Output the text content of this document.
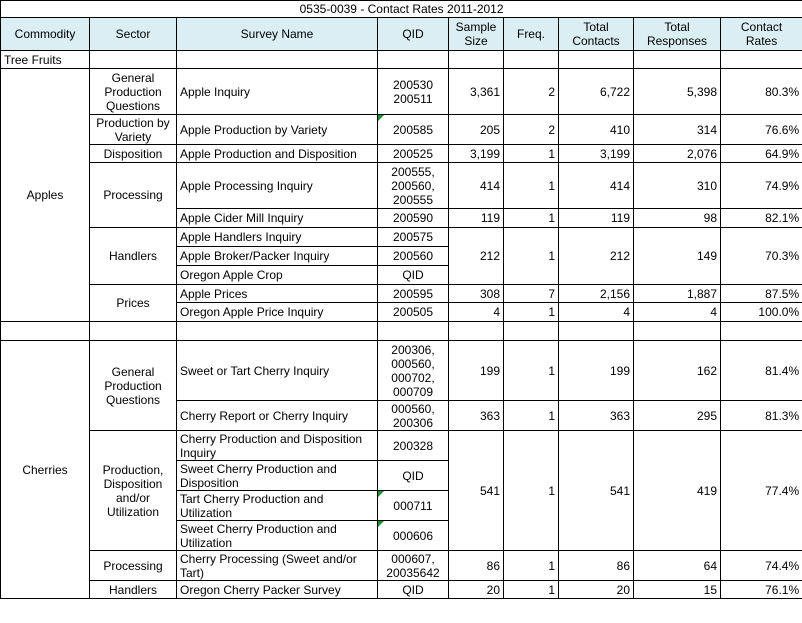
0535-0039 - Contact Rates 2011-2012								
Commodity	Sector	Survey Name	QID	Sample Size	Freq.	Total Contacts	Total Responses	Contact Rates
Tree Fruits								
Apples	General Production Questions	Apple Inquiry	200530 200511	3,361	2	6,722	5,398	80.3%
	Production by Variety	Apple Production by Variety	200585	205	2	410	314	76.6%
	Disposition	Apple Production and Disposition	200525	3,199	1	3,199	2,076	64.9%
	Processing	Apple Processing Inquiry	200555, 200560, 200555	414	1	414	310	74.9%
		Apple Cider Mill Inquiry	200590	119	1	119	98	82.1%
	Handlers	Apple Handlers Inquiry	200575	212	1	212	149	70.3%
		Apple Broker/Packer Inquiry	200560					
		Oregon Apple Crop	QID					
	Prices	Apple Prices	200595	308	7	2,156	1,887	87.5%
		Oregon Apple Price Inquiry	200505	4	1	4	4	100.0%

Cherries	General Production Questions	Sweet or Tart Cherry Inquiry	200306, 000560, 000702, 000709	199	1	199	162	81.4%
		Cherry Report or Cherry Inquiry	000560, 200306	363	1	363	295	81.3%
	Production, Disposition and/or Utilization	Cherry Production and Disposition Inquiry	200328	541	1	541	419	77.4%
		Sweet Cherry Production and Disposition	QID					
		Tart Cherry Production and Utilization	000711					
		Sweet Cherry Production and Utilization	000606					
	Processing	Cherry Processing (Sweet and/or Tart)	000607, 20035642	86	1	86	64	74.4%
	Handlers	Oregon Cherry Packer Survey	QID	20	1	20	15	76.1%
